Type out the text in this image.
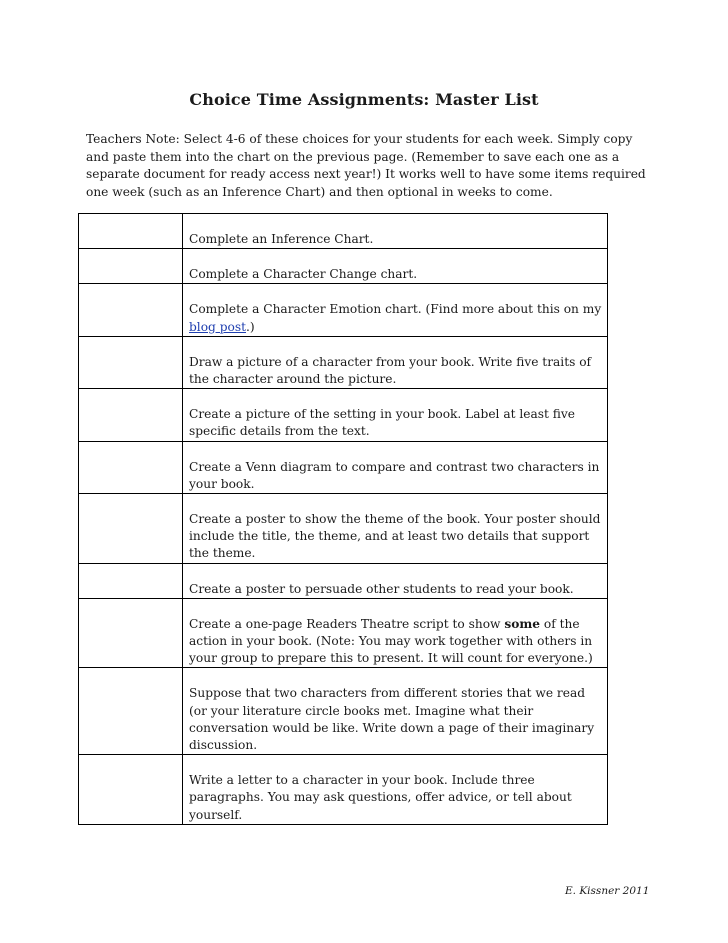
Choice Time Assignments: Master List
Teachers Note: Select 4-6 of these choices for your students for each week. Simply copy and paste them into the chart on the previous page. (Remember to save each one as a separate document for ready access next year!) It works well to have some items required one week (such as an Inference Chart) and then optional in weeks to come.
	Complete an Inference Chart.
	Complete a Character Change chart.
	Complete a Character Emotion chart. (Find more about this on my blog post.)
	Draw a picture of a character from your book. Write five traits of the character around the picture.
	Create a picture of the setting in your book. Label at least five specific details from the text.
	Create a Venn diagram to compare and contrast two characters in your book.
	Create a poster to show the theme of the book. Your poster should include the title, the theme, and at least two details that support the theme.
	Create a poster to persuade other students to read your book.
	Create a one-page Readers Theatre script to show some of the action in your book. (Note: You may work together with others in your group to prepare this to present. It will count for everyone.)
	Suppose that two characters from different stories that we read (or your literature circle books met. Imagine what their conversation would be like. Write down a page of their imaginary discussion.
	Write a letter to a character in your book. Include three paragraphs. You may ask questions, offer advice, or tell about yourself.
E. Kissner 2011
